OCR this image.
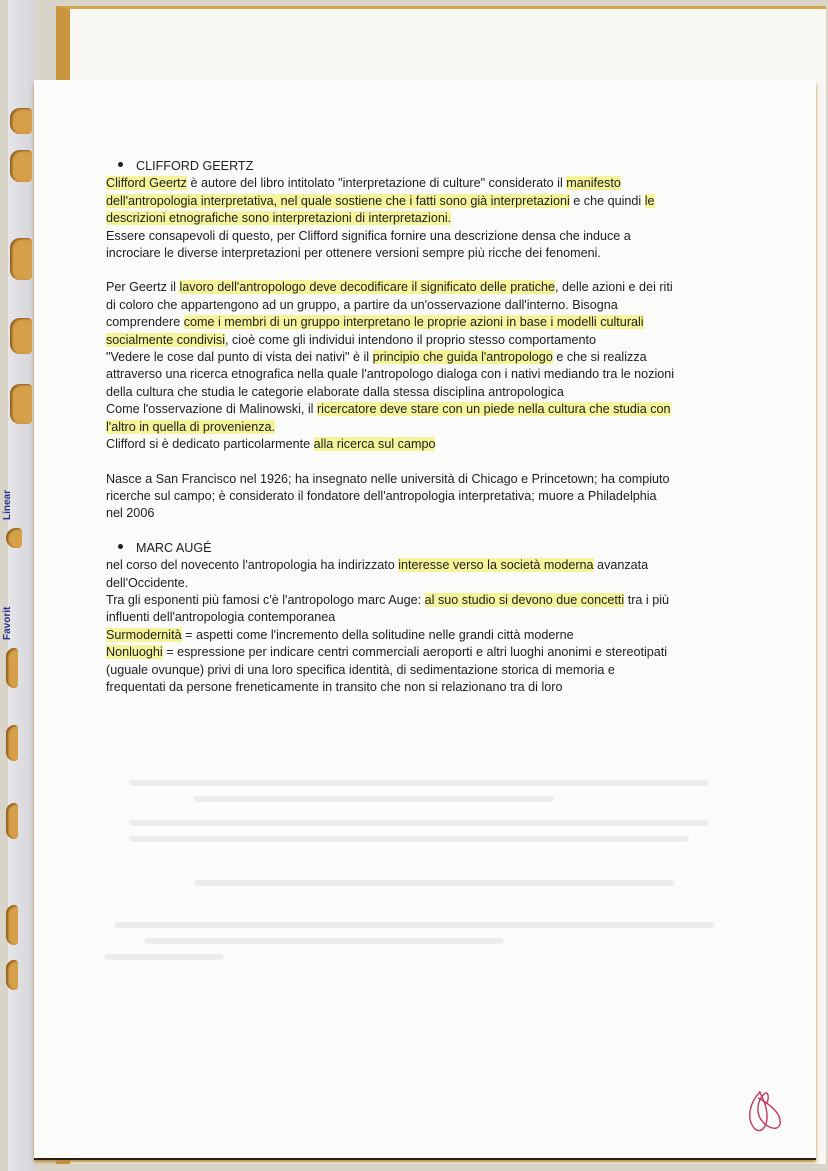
Linear
Favorit

CLIFFORD GEERTZ

Clifford Geertz è autore del libro intitolato "interpretazione di culture" considerato il manifesto dell'antropologia interpretativa, nel quale sostiene che i fatti sono già interpretazioni e che quindi le descrizioni etnografiche sono interpretazioni di interpretazioni.
Essere consapevoli di questo, per Clifford significa fornire una descrizione densa che induce a incrociare le diverse interpretazioni per ottenere versioni sempre più ricche dei fenomeni.

Per Geertz il lavoro dell'antropologo deve decodificare il significato delle pratiche, delle azioni e dei riti di coloro che appartengono ad un gruppo, a partire da un'osservazione dall'interno. Bisogna comprendere come i membri di un gruppo interpretano le proprie azioni in base i modelli culturali socialmente condivisi, cioè come gli individui intendono il proprio stesso comportamento
"Vedere le cose dal punto di vista dei nativi" è il principio che guida l'antropologo e che si realizza attraverso una ricerca etnografica nella quale l'antropologo dialoga con i nativi mediando tra le nozioni della cultura che studia le categorie elaborate dalla stessa disciplina antropologica
Come l'osservazione di Malinowski, il ricercatore deve stare con un piede nella cultura che studia con l'altro in quella di provenienza.
Clifford si è dedicato particolarmente alla ricerca sul campo

Nasce a San Francisco nel 1926; ha insegnato nelle università di Chicago e Princetown; ha compiuto ricerche sul campo; è considerato il fondatore dell'antropologia interpretativa; muore a Philadelphia nel 2006

MARC AUGÉ

nel corso del novecento l'antropologia ha indirizzato interesse verso la società moderna avanzata dell'Occidente.
Tra gli esponenti più famosi c'è l'antropologo marc Auge: al suo studio si devono due concetti tra i più influenti dell'antropologia contemporanea
Surmodernità = aspetti come l'incremento della solitudine nelle grandi città moderne
Nonluoghi = espressione per indicare centri commerciali aeroporti e altri luoghi anonimi e stereotipati (uguale ovunque) privi di una loro specifica identità, di sedimentazione storica di memoria e frequentati da persone freneticamente in transito che non si relazionano tra di loro
